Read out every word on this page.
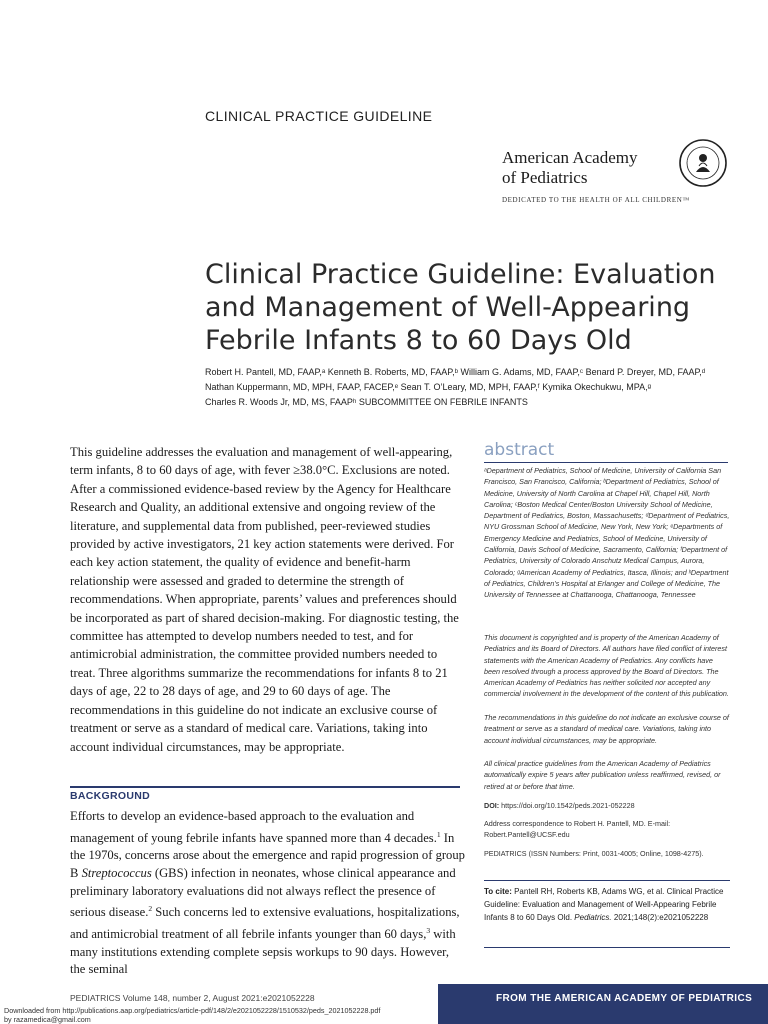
CLINICAL PRACTICE GUIDELINE
American Academy
of Pediatrics
DEDICATED TO THE HEALTH OF ALL CHILDREN™
Clinical Practice Guideline: Evaluation
and Management of Well-Appearing
Febrile Infants 8 to 60 Days Old
Robert H. Pantell, MD, FAAP,ᵃ Kenneth B. Roberts, MD, FAAP,ᵇ William G. Adams, MD, FAAP,ᶜ Benard P. Dreyer, MD, FAAP,ᵈ
Nathan Kuppermann, MD, MPH, FAAP, FACEP,ᵉ Sean T. O’Leary, MD, MPH, FAAP,ᶠ Kymika Okechukwu, MPA,ᵍ
Charles R. Woods Jr, MD, MS, FAAPʰ SUBCOMMITTEE ON FEBRILE INFANTS
This guideline addresses the evaluation and management of well-appearing, term infants, 8 to 60 days of age, with fever ≥38.0°C. Exclusions are noted. After a commissioned evidence-based review by the Agency for Healthcare Research and Quality, an additional extensive and ongoing review of the literature, and supplemental data from published, peer-reviewed studies provided by active investigators, 21 key action statements were derived. For each key action statement, the quality of evidence and benefit-harm relationship were assessed and graded to determine the strength of recommendations. When appropriate, parents’ values and preferences should be incorporated as part of shared decision-making. For diagnostic testing, the committee has attempted to develop numbers needed to test, and for antimicrobial administration, the committee provided numbers needed to treat. Three algorithms summarize the recommendations for infants 8 to 21 days of age, 22 to 28 days of age, and 29 to 60 days of age. The recommendations in this guideline do not indicate an exclusive course of treatment or serve as a standard of medical care. Variations, taking into account individual circumstances, may be appropriate.
BACKGROUND
Efforts to develop an evidence-based approach to the evaluation and management of young febrile infants have spanned more than 4 decades.$^1$ In the 1970s, concerns arose about the emergence and rapid progression of group B Streptococcus (GBS) infection in neonates, whose clinical appearance and preliminary laboratory evaluations did not always reflect the presence of serious disease.$^2$ Such concerns led to extensive evaluations, hospitalizations, and antimicrobial treatment of all febrile infants younger than 60 days,$^3$ with many institutions extending complete sepsis workups to 90 days. However, the seminal
abstract
ᵃDepartment of Pediatrics, School of Medicine, University of California San Francisco, San Francisco, California; ᵇDepartment of Pediatrics, School of Medicine, University of North Carolina at Chapel Hill, Chapel Hill, North Carolina; ᶜBoston Medical Center/Boston University School of Medicine, Department of Pediatrics, Boston, Massachusetts; ᵈDepartment of Pediatrics, NYU Grossman School of Medicine, New York, New York; ᵉDepartments of Emergency Medicine and Pediatrics, School of Medicine, University of California, Davis School of Medicine, Sacramento, California; ᶠDepartment of Pediatrics, University of Colorado Anschutz Medical Campus, Aurora, Colorado; ᵍAmerican Academy of Pediatrics, Itasca, Illinois; and ʰDepartment of Pediatrics, Children’s Hospital at Erlanger and College of Medicine, The University of Tennessee at Chattanooga, Chattanooga, Tennessee
This document is copyrighted and is property of the American Academy of Pediatrics and its Board of Directors. All authors have filed conflict of interest statements with the American Academy of Pediatrics. Any conflicts have been resolved through a process approved by the Board of Directors. The American Academy of Pediatrics has neither solicited nor accepted any commercial involvement in the development of the content of this publication.
The recommendations in this guideline do not indicate an exclusive course of treatment or serve as a standard of medical care. Variations, taking into account individual circumstances, may be appropriate.
All clinical practice guidelines from the American Academy of Pediatrics automatically expire 5 years after publication unless reaffirmed, revised, or retired at or before that time.
DOI: https://doi.org/10.1542/peds.2021-052228
Address correspondence to Robert H. Pantell, MD. E-mail:
Robert.Pantell@UCSF.edu
PEDIATRICS (ISSN Numbers: Print, 0031-4005; Online, 1098-4275).
To cite: Pantell RH, Roberts KB, Adams WG, et al. Clinical Practice Guideline: Evaluation and Management of Well-Appearing Febrile Infants 8 to 60 Days Old. Pediatrics. 2021;148(2):e2021052228
PEDIATRICS Volume 148, number 2, August 2021:e2021052228	FROM THE AMERICAN ACADEMY OF PEDIATRICS
Downloaded from http://publications.aap.org/pediatrics/article-pdf/148/2/e2021052228/1510532/peds_2021052228.pdf
by razamedica@gmail.com
